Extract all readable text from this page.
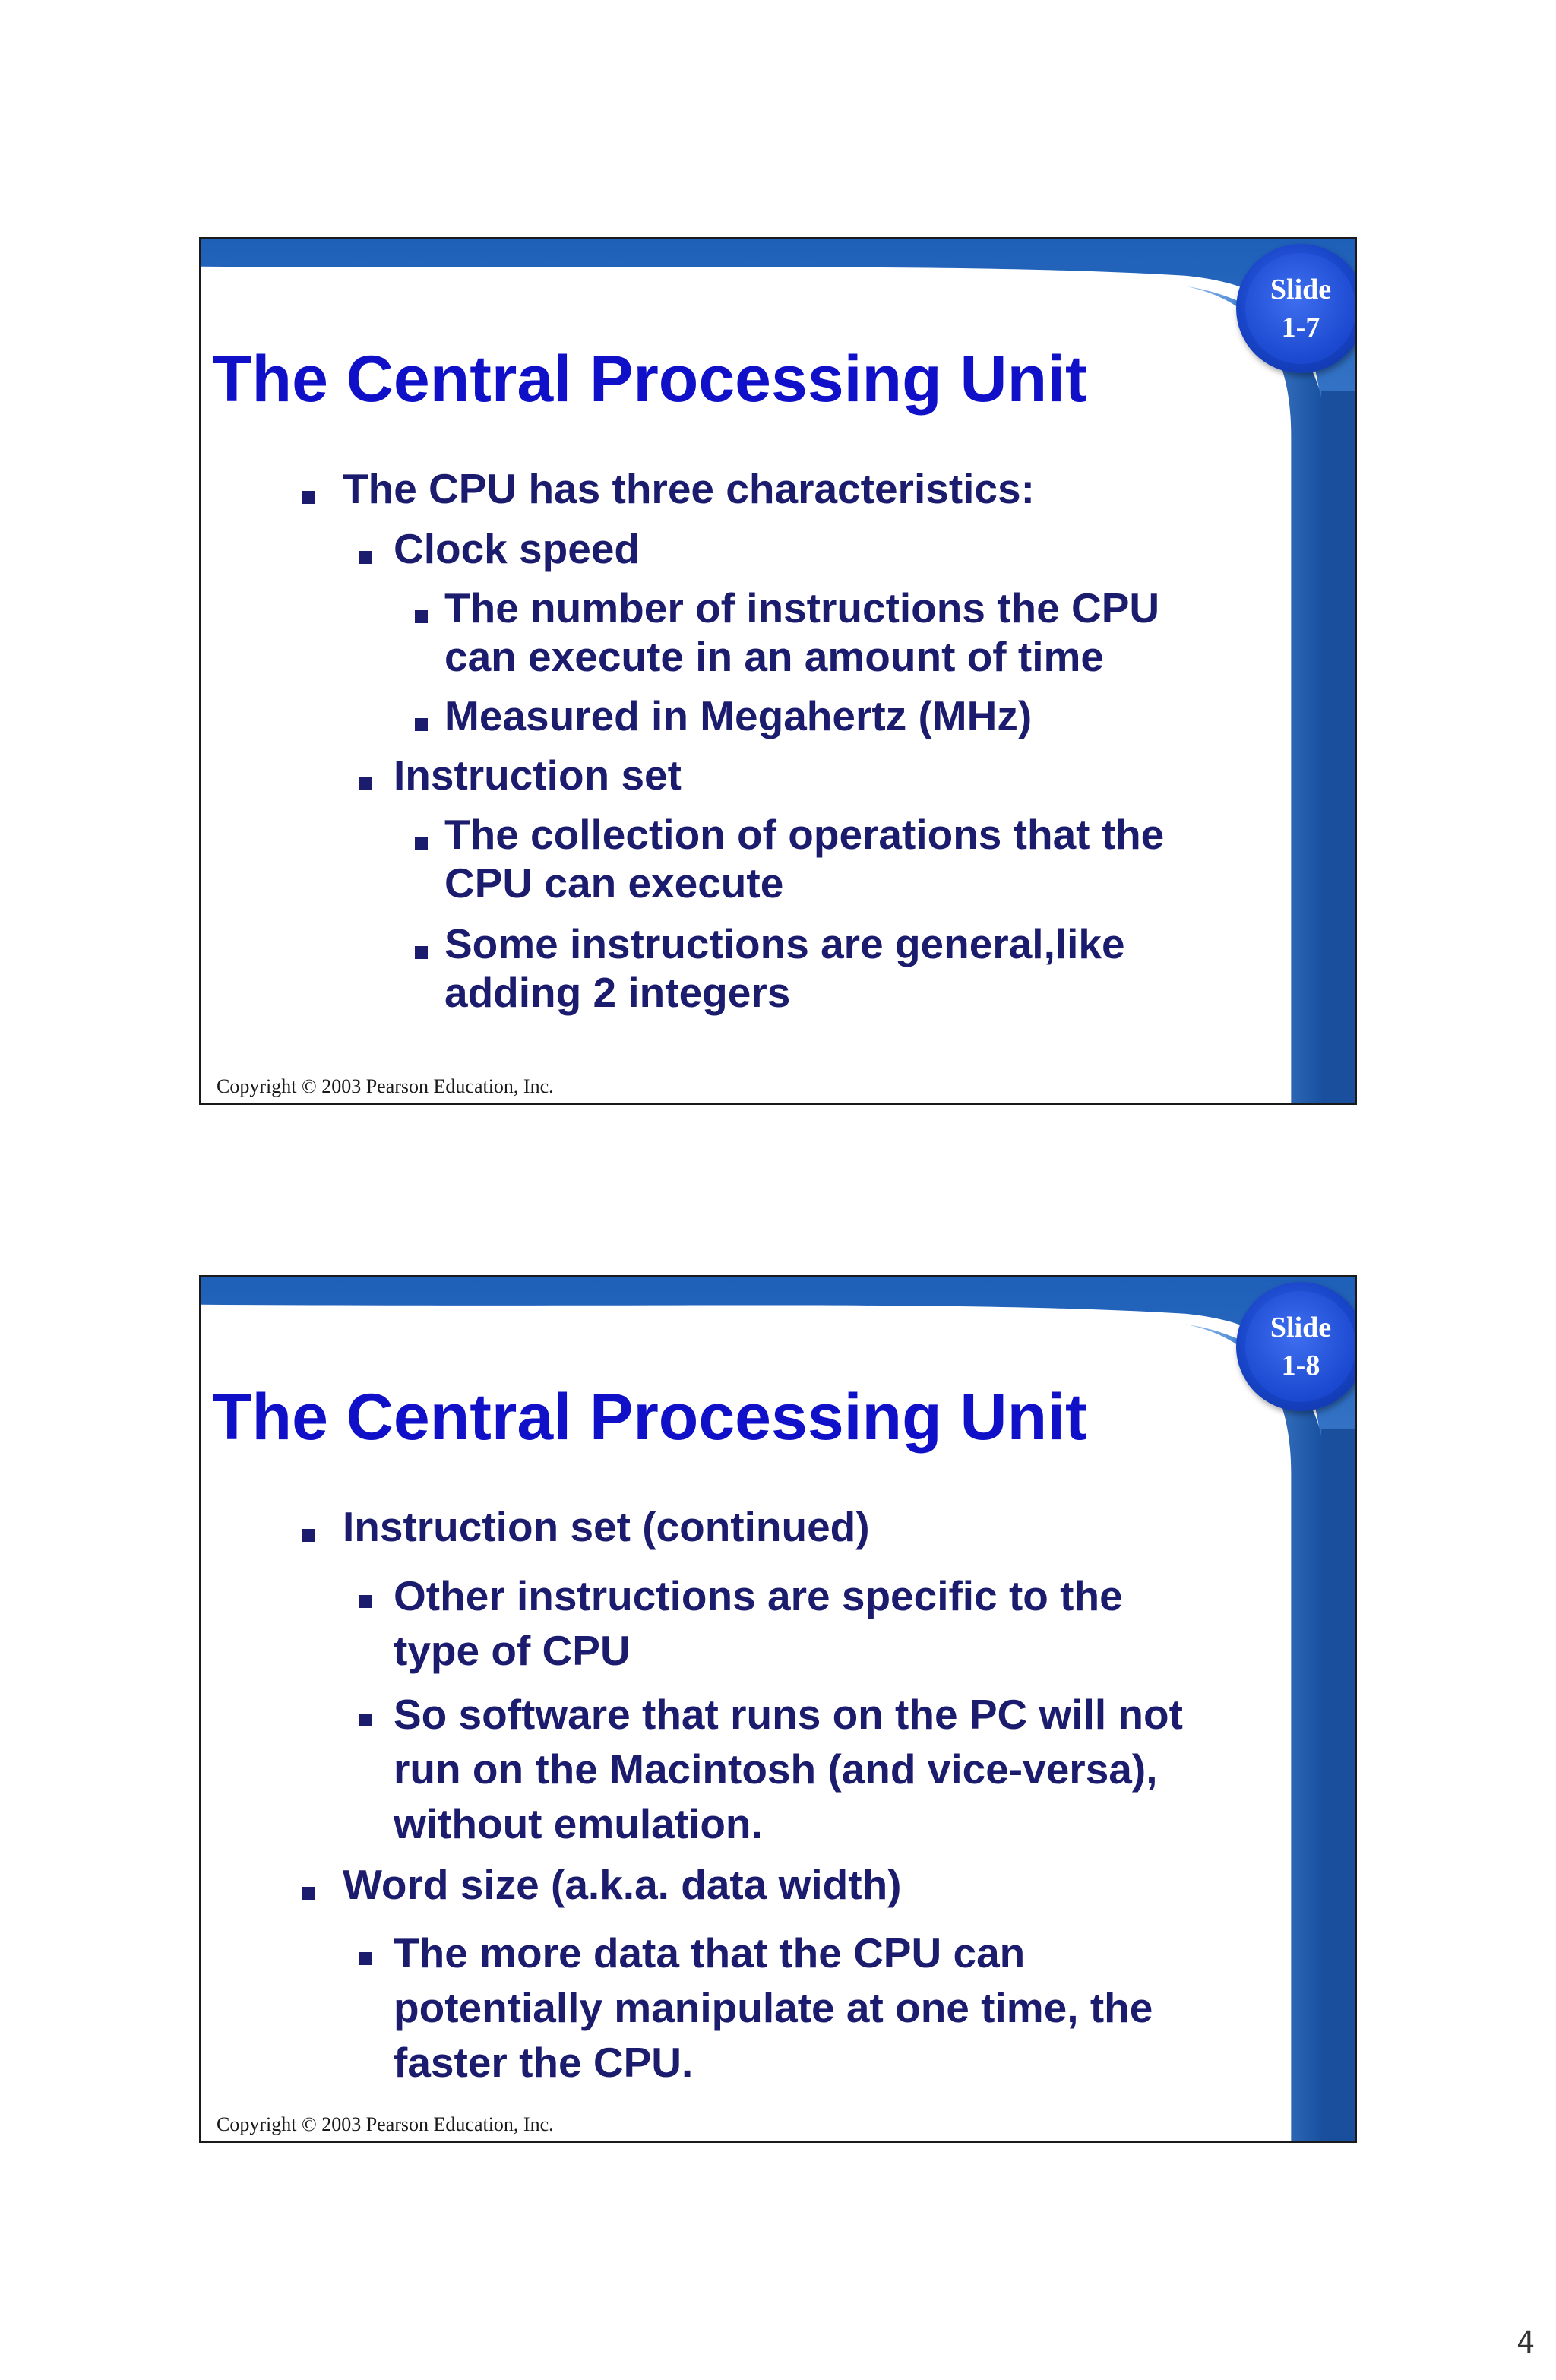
Slide
1-7
The Central Processing Unit
The CPU has three characteristics:
Clock speed
The number of instructions the CPU
can execute in an amount of time
Measured in Megahertz (MHz)
Instruction set
The collection of operations that the
CPU can execute
Some instructions are general,like
adding 2 integers
Copyright © 2003 Pearson Education, Inc.
Slide
1-8
The Central Processing Unit
Instruction set (continued)
Other instructions are specific to the
type of CPU
So software that runs on the PC will not
run on the Macintosh (and vice-versa),
without emulation.
Word size (a.k.a. data width)
The more data that the CPU can
potentially manipulate at one time, the
faster the CPU.
Copyright © 2003 Pearson Education, Inc.
4
